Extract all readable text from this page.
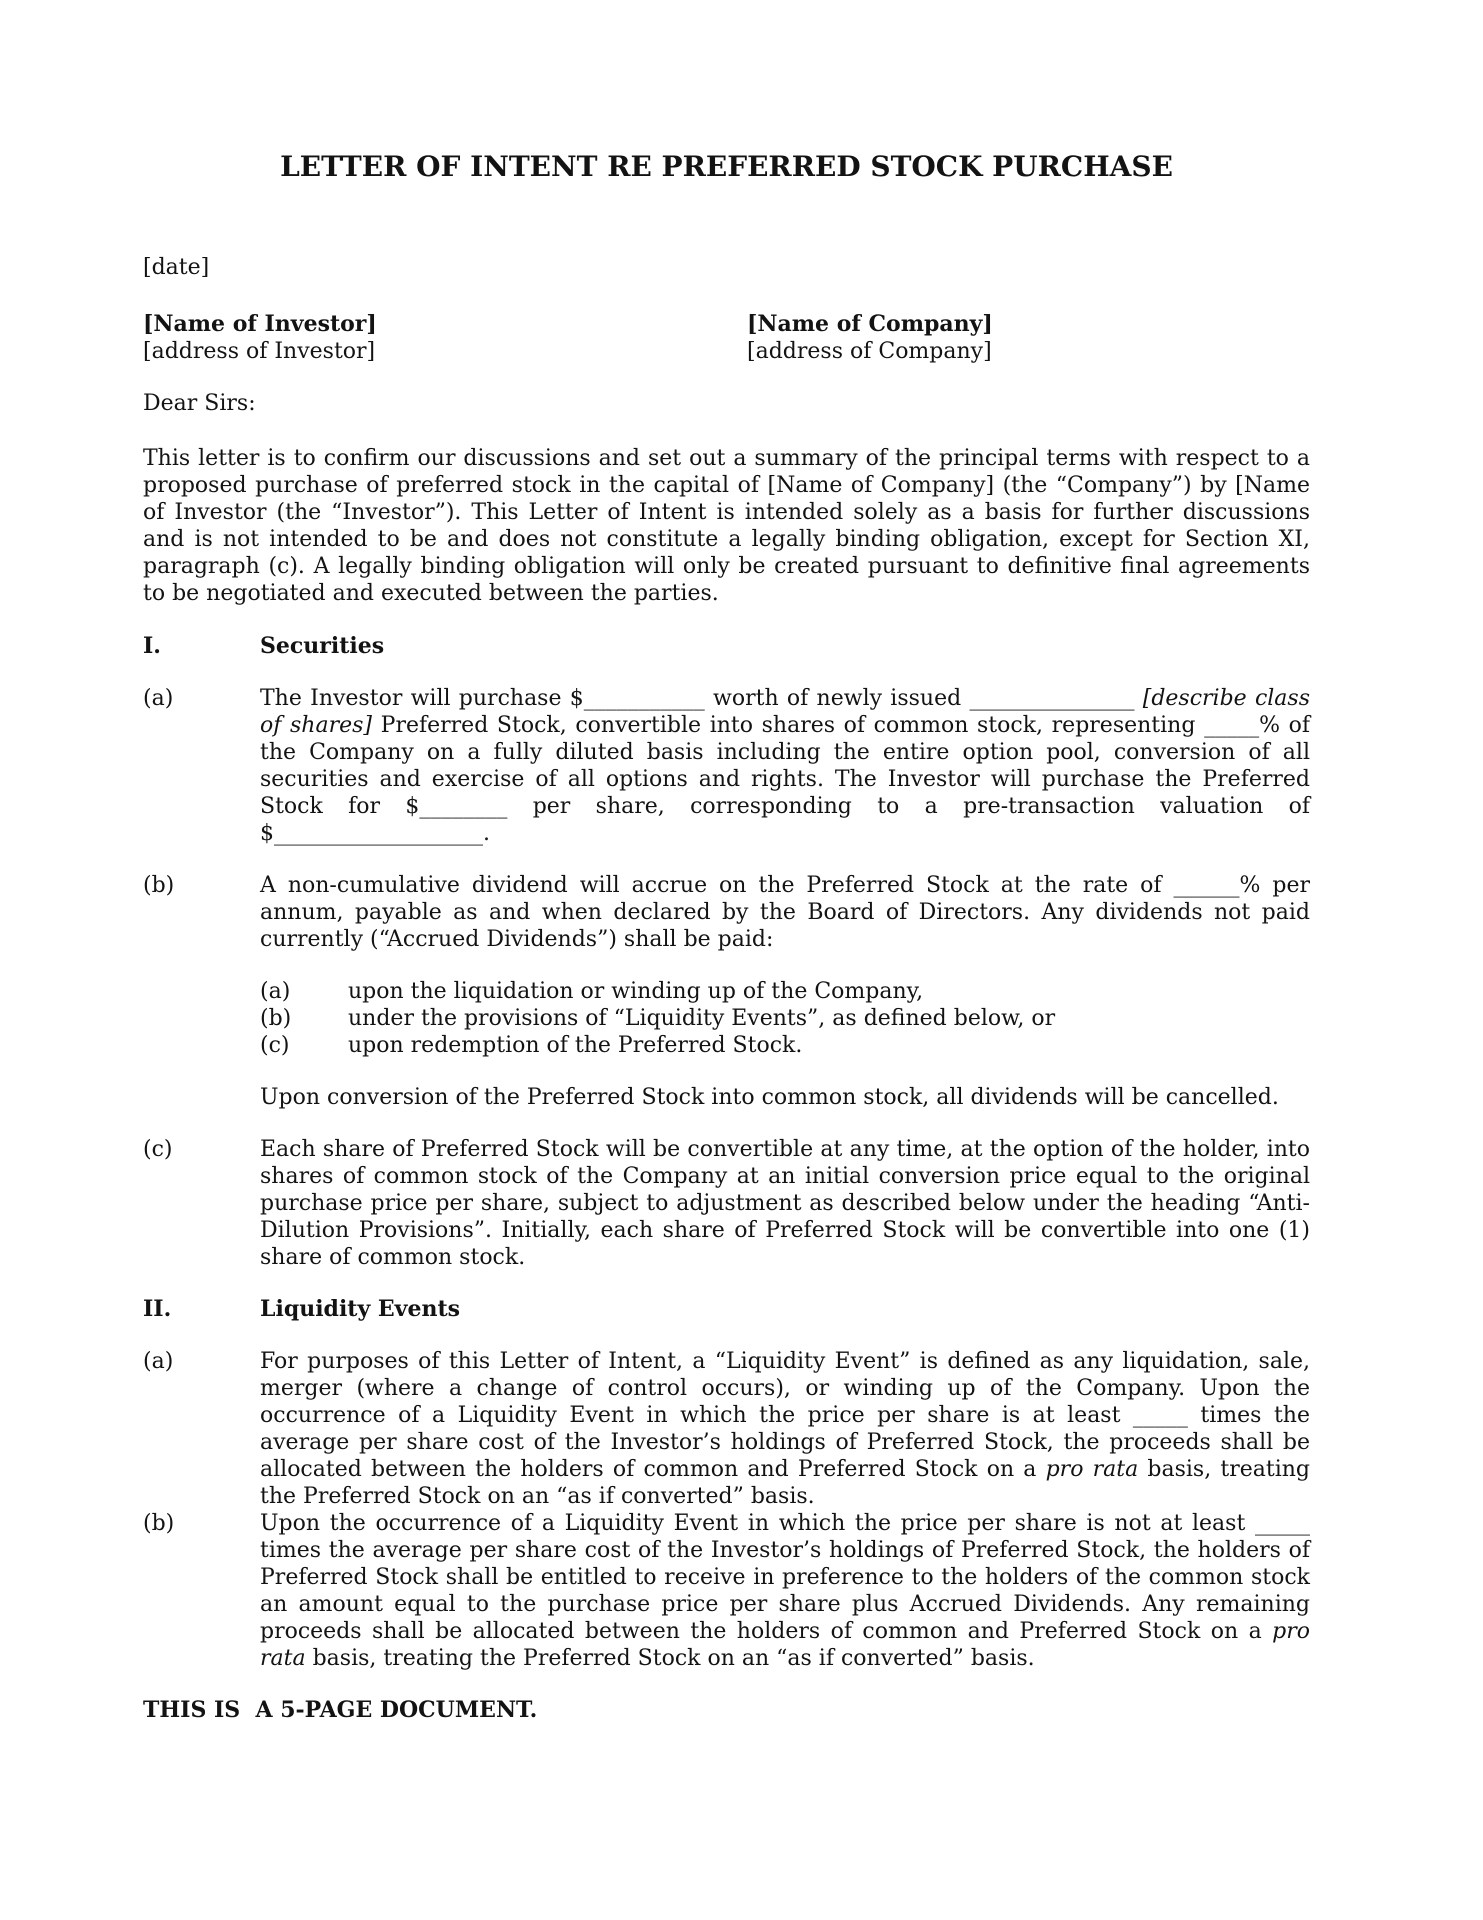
LETTER OF INTENT RE PREFERRED STOCK PURCHASE

[date]

[Name of Investor]
[address of Investor]
[Name of Company]
[address of Company]

Dear Sirs:

This letter is to confirm our discussions and set out a summary of the principal terms with respect to a proposed purchase of preferred stock in the capital of [Name of Company] (the “Company”) by [Name of Investor (the “Investor”). This Letter of Intent is intended solely as a basis for further discussions and is not intended to be and does not constitute a legally binding obligation, except for Section XI, paragraph (c). A legally binding obligation will only be created pursuant to definitive final agreements to be negotiated and executed between the parties.

I.	Securities
(a)	The Investor will purchase $___________ worth of newly issued _______________ [describe class of shares] Preferred Stock, convertible into shares of common stock, representing _____% of the Company on a fully diluted basis including the entire option pool, conversion of all securities and exercise of all options and rights. The Investor will purchase the Preferred Stock for $________ per share, corresponding to a pre-transaction valuation of $___________________.
(b)	A non-cumulative dividend will accrue on the Preferred Stock at the rate of ______% per annum, payable as and when declared by the Board of Directors. Any dividends not paid currently (“Accrued Dividends”) shall be paid:
(a)	upon the liquidation or winding up of the Company,
(b)	under the provisions of “Liquidity Events”, as defined below, or
(c)	upon redemption of the Preferred Stock.

Upon conversion of the Preferred Stock into common stock, all dividends will be cancelled.

(c)	Each share of Preferred Stock will be convertible at any time, at the option of the holder, into shares of common stock of the Company at an initial conversion price equal to the original purchase price per share, subject to adjustment as described below under the heading “Anti-Dilution Provisions”. Initially, each share of Preferred Stock will be convertible into one (1) share of common stock.
II.	Liquidity Events
(a)	For purposes of this Letter of Intent, a “Liquidity Event” is defined as any liquidation, sale, merger (where a change of control occurs), or winding up of the Company. Upon the occurrence of a Liquidity Event in which the price per share is at least _____ times the average per share cost of the Investor’s holdings of Preferred Stock, the proceeds shall be allocated between the holders of common and Preferred Stock on a pro rata basis, treating the Preferred Stock on an “as if converted” basis.
(b)	Upon the occurrence of a Liquidity Event in which the price per share is not at least _____ times the average per share cost of the Investor’s holdings of Preferred Stock, the holders of Preferred Stock shall be entitled to receive in preference to the holders of the common stock an amount equal to the purchase price per share plus Accrued Dividends. Any remaining proceeds shall be allocated between the holders of common and Preferred Stock on a pro rata basis, treating the Preferred Stock on an “as if converted” basis.

THIS IS  A 5-PAGE DOCUMENT.
